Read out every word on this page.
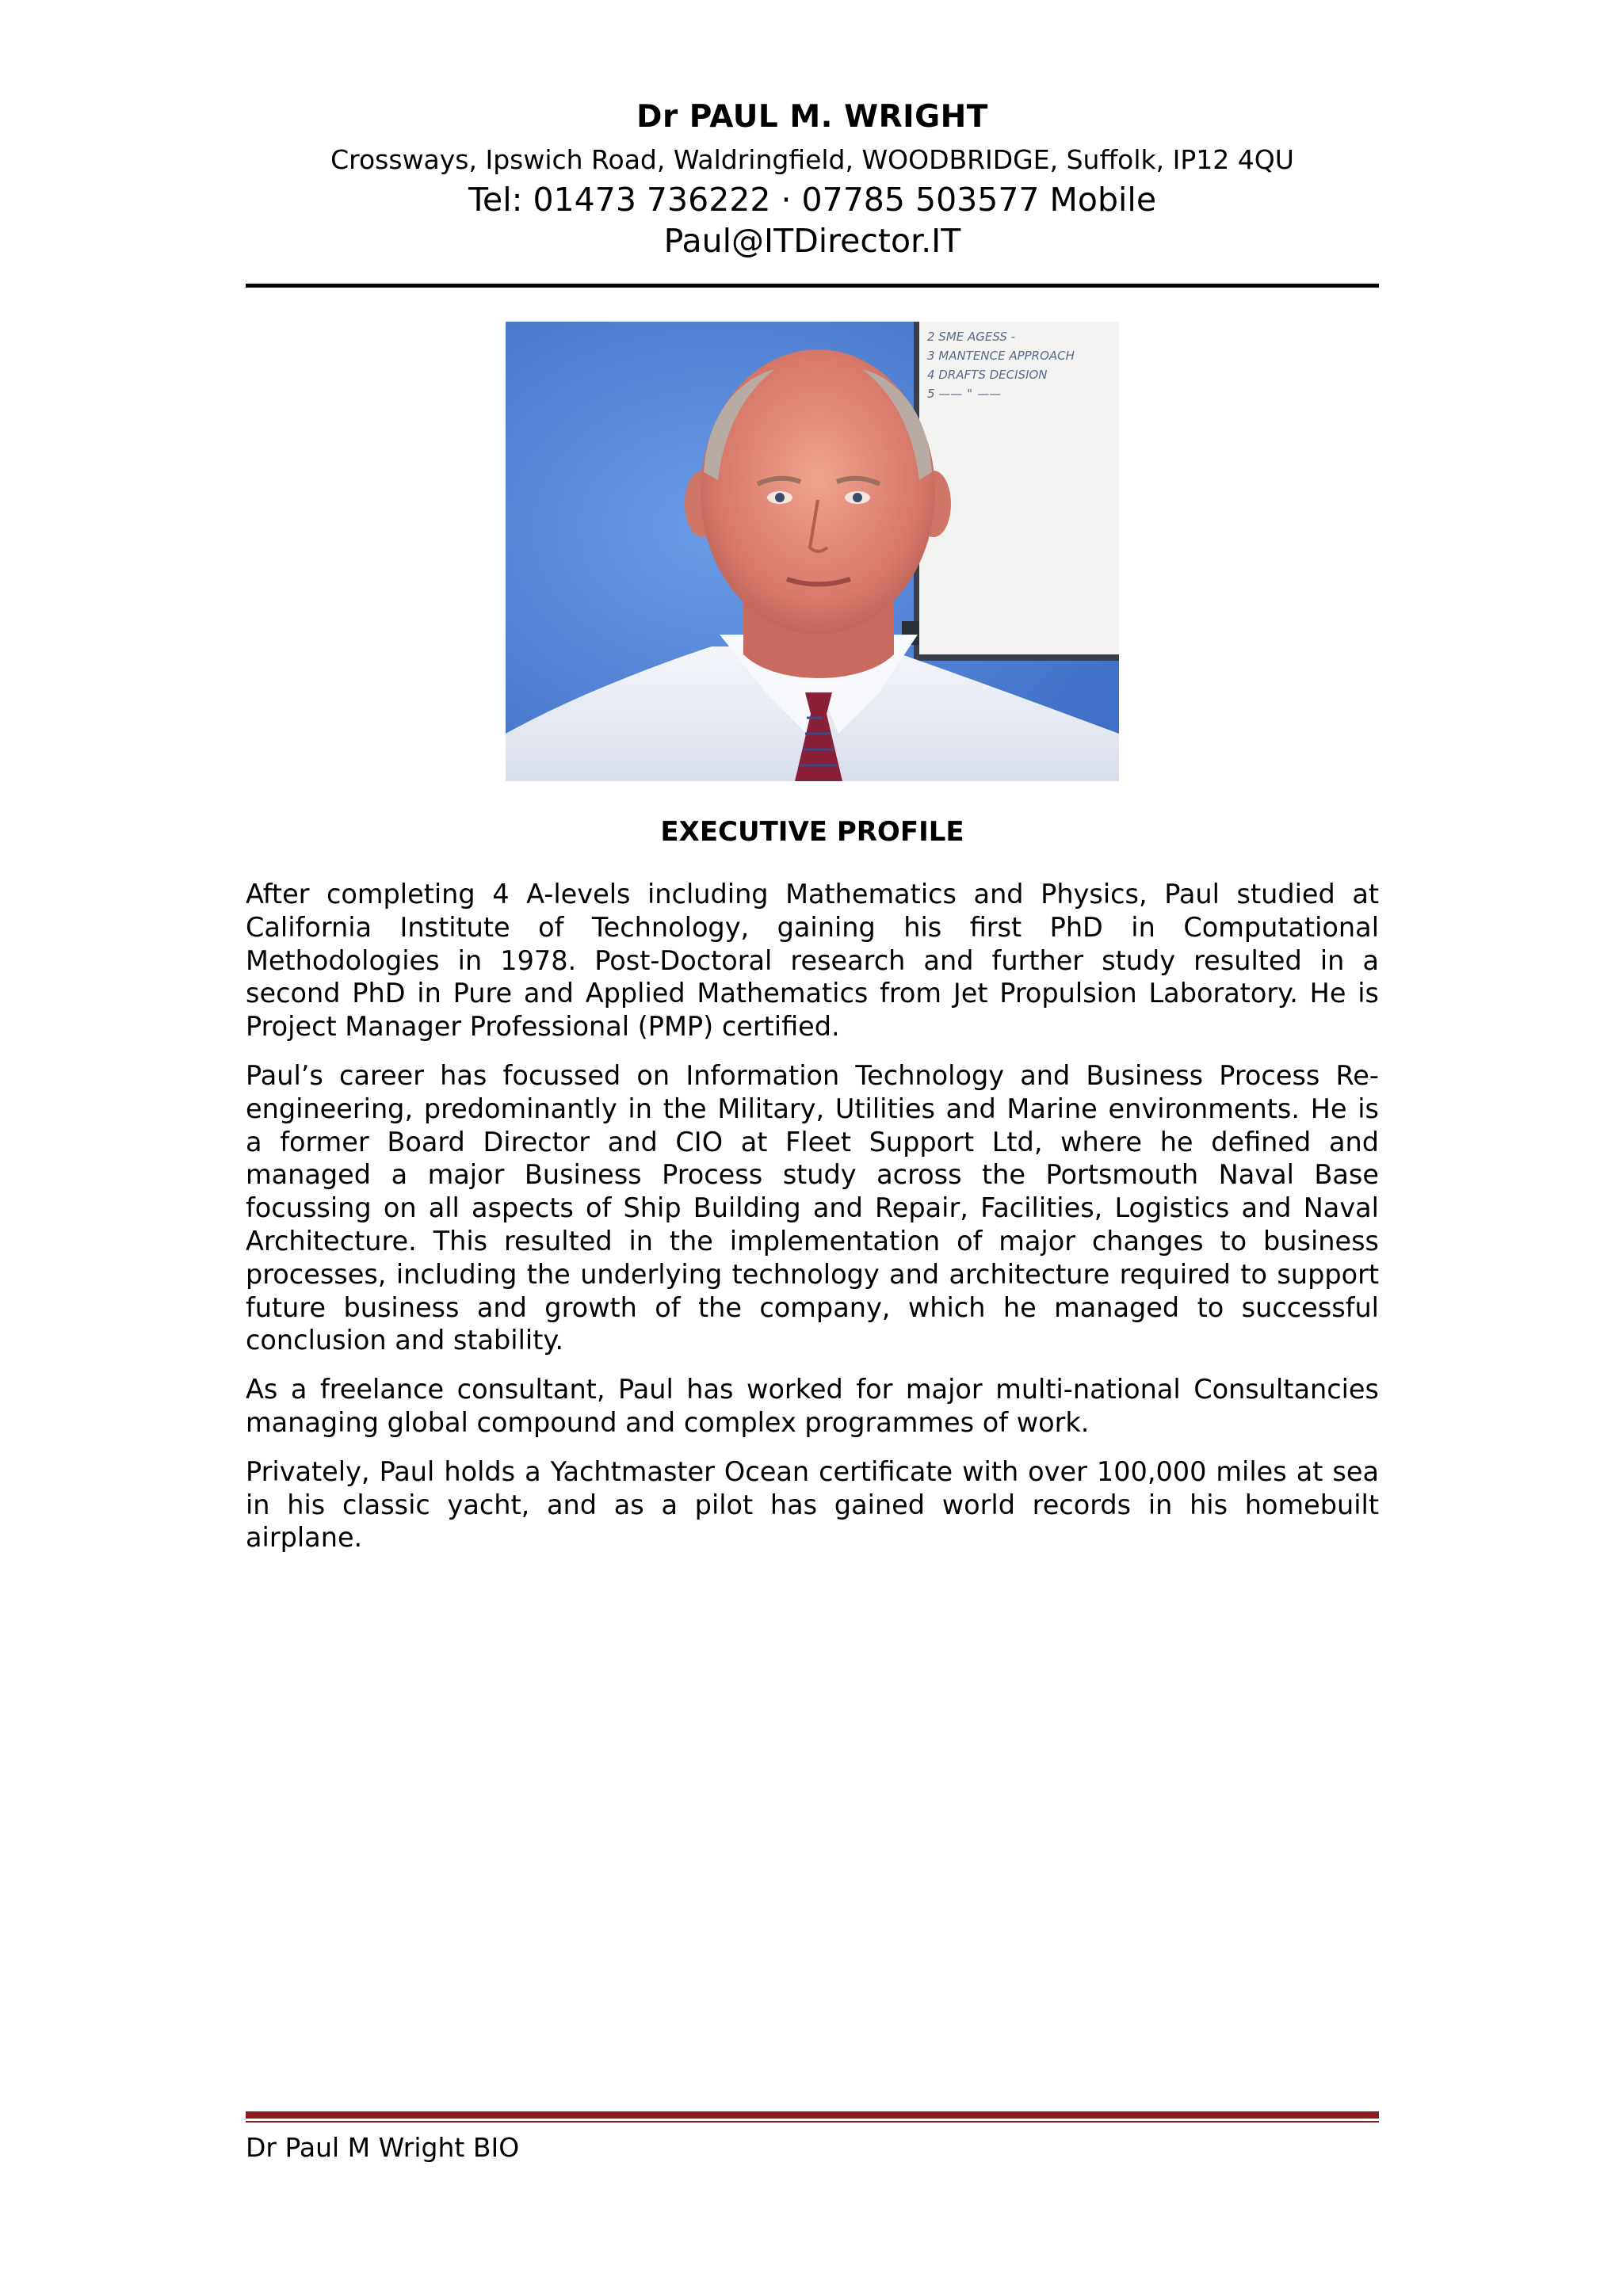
Dr PAUL M. WRIGHT
Crossways, Ipswich Road, Waldringfield, WOODBRIDGE, Suffolk, IP12 4QU
Tel: 01473 736222 · 07785 503577 Mobile
Paul@ITDirector.IT
2 SME AGESS -
3 MANTENCE APPROACH
4 DRAFTS DECISION
5 ——  "  ——
EXECUTIVE PROFILE

After completing 4 A-levels including Mathematics and Physics, Paul studied at California Institute of Technology, gaining his first PhD in Computational Methodologies in 1978. Post-Doctoral research and further study resulted in a second PhD in Pure and Applied Mathematics from Jet Propulsion Laboratory. He is Project Manager Professional (PMP) certified.

Paul’s career has focussed on Information Technology and Business Process Re-engineering, predominantly in the Military, Utilities and Marine environments. He is a former Board Director and CIO at Fleet Support Ltd, where he defined and managed a major Business Process study across the Portsmouth Naval Base focussing on all aspects of Ship Building and Repair, Facilities, Logistics and Naval Architecture. This resulted in the implementation of major changes to business processes, including the underlying technology and architecture required to support future business and growth of the company, which he managed to successful conclusion and stability.

As a freelance consultant, Paul has worked for major multi-national Consultancies managing global compound and complex programmes of work.

Privately, Paul holds a Yachtmaster Ocean certificate with over 100,000 miles at sea in his classic yacht, and as a pilot has gained world records in his homebuilt airplane.

Dr Paul M Wright BIO
